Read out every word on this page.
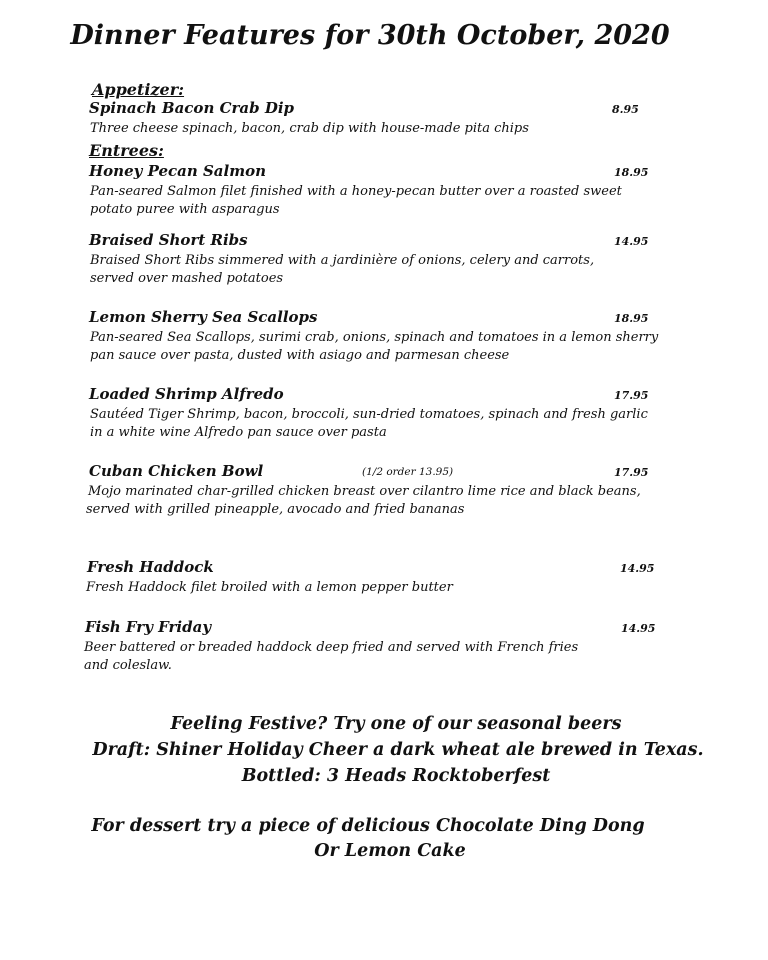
Dinner Features for 30th October, 2020
Appetizer:
Spinach Bacon Crab Dip	8.95
Three cheese spinach, bacon, crab dip with house-made pita chips
Entrees:
Honey Pecan Salmon	18.95
Pan-seared Salmon filet finished with a honey-pecan butter over a roasted sweet
potato puree with asparagus
Braised Short Ribs	14.95
Braised Short Ribs simmered with a jardinière of onions, celery and carrots,
served over mashed potatoes
Lemon Sherry Sea Scallops	18.95
Pan-seared Sea Scallops, surimi crab, onions, spinach and tomatoes in a lemon sherry
pan sauce over pasta, dusted with asiago and parmesan cheese
Loaded Shrimp Alfredo	17.95
Sautéed Tiger Shrimp, bacon, broccoli, sun-dried tomatoes, spinach and fresh garlic
in a white wine Alfredo pan sauce over pasta
Cuban Chicken Bowl	(1/2 order 13.95)	17.95
Mojo marinated char-grilled chicken breast over cilantro lime rice and black beans,
served with grilled pineapple, avocado and fried bananas
Fresh Haddock	14.95
Fresh Haddock filet broiled with a lemon pepper butter
Fish Fry Friday	14.95
Beer battered or breaded haddock deep fried and served with French fries
and coleslaw.
Feeling Festive? Try one of our seasonal beers
Draft: Shiner Holiday Cheer a dark wheat ale brewed in Texas.
Bottled: 3 Heads Rocktoberfest
For dessert try a piece of delicious Chocolate Ding Dong
Or Lemon Cake
